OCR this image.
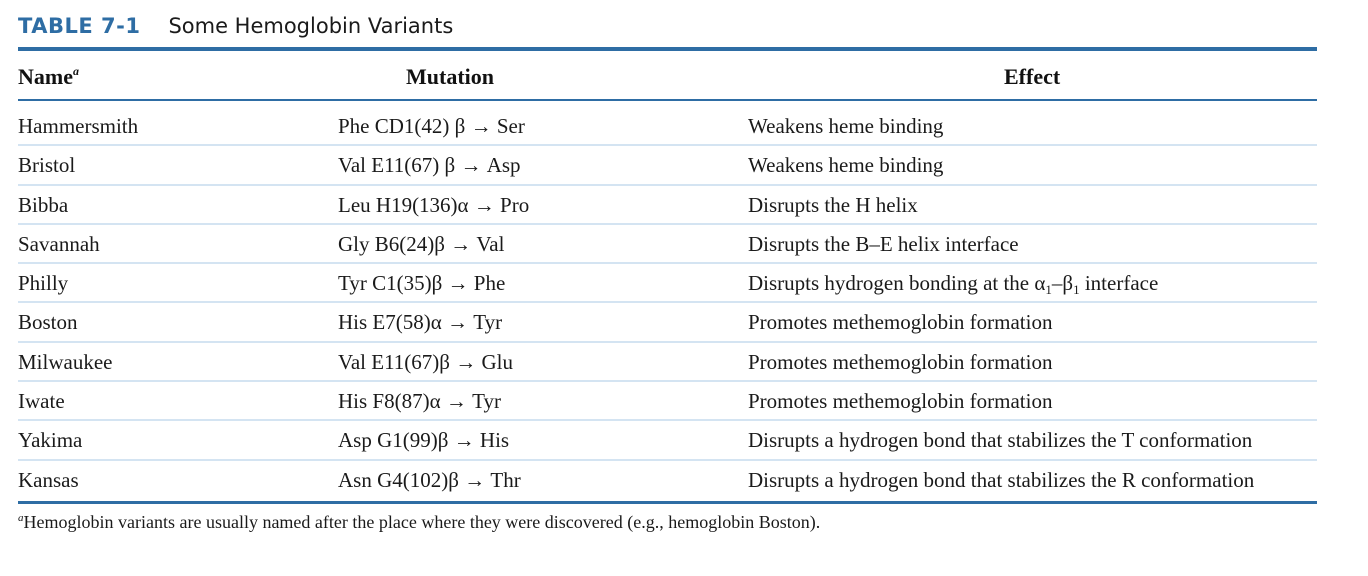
TABLE 7-1 Some Hemoglobin Variants
Name$^a$	Mutation	Effect
Hammersmith	Phe CD1(42) β → Ser	Weakens heme binding
Bristol	Val E11(67) β → Asp	Weakens heme binding
Bibba	Leu H19(136)α → Pro	Disrupts the H helix
Savannah	Gly B6(24)β → Val	Disrupts the B–E helix interface
Philly	Tyr C1(35)β → Phe	Disrupts hydrogen bonding at the $\alpha_1-\beta_1$ interface
Boston	His E7(58)α → Tyr	Promotes methemoglobin formation
Milwaukee	Val E11(67)β → Glu	Promotes methemoglobin formation
Iwate	His F8(87)α → Tyr	Promotes methemoglobin formation
Yakima	Asp G1(99)β → His	Disrupts a hydrogen bond that stabilizes the T conformation
Kansas	Asn G4(102)β → Thr	Disrupts a hydrogen bond that stabilizes the R conformation
$^a$Hemoglobin variants are usually named after the place where they were discovered (e.g., hemoglobin Boston).
